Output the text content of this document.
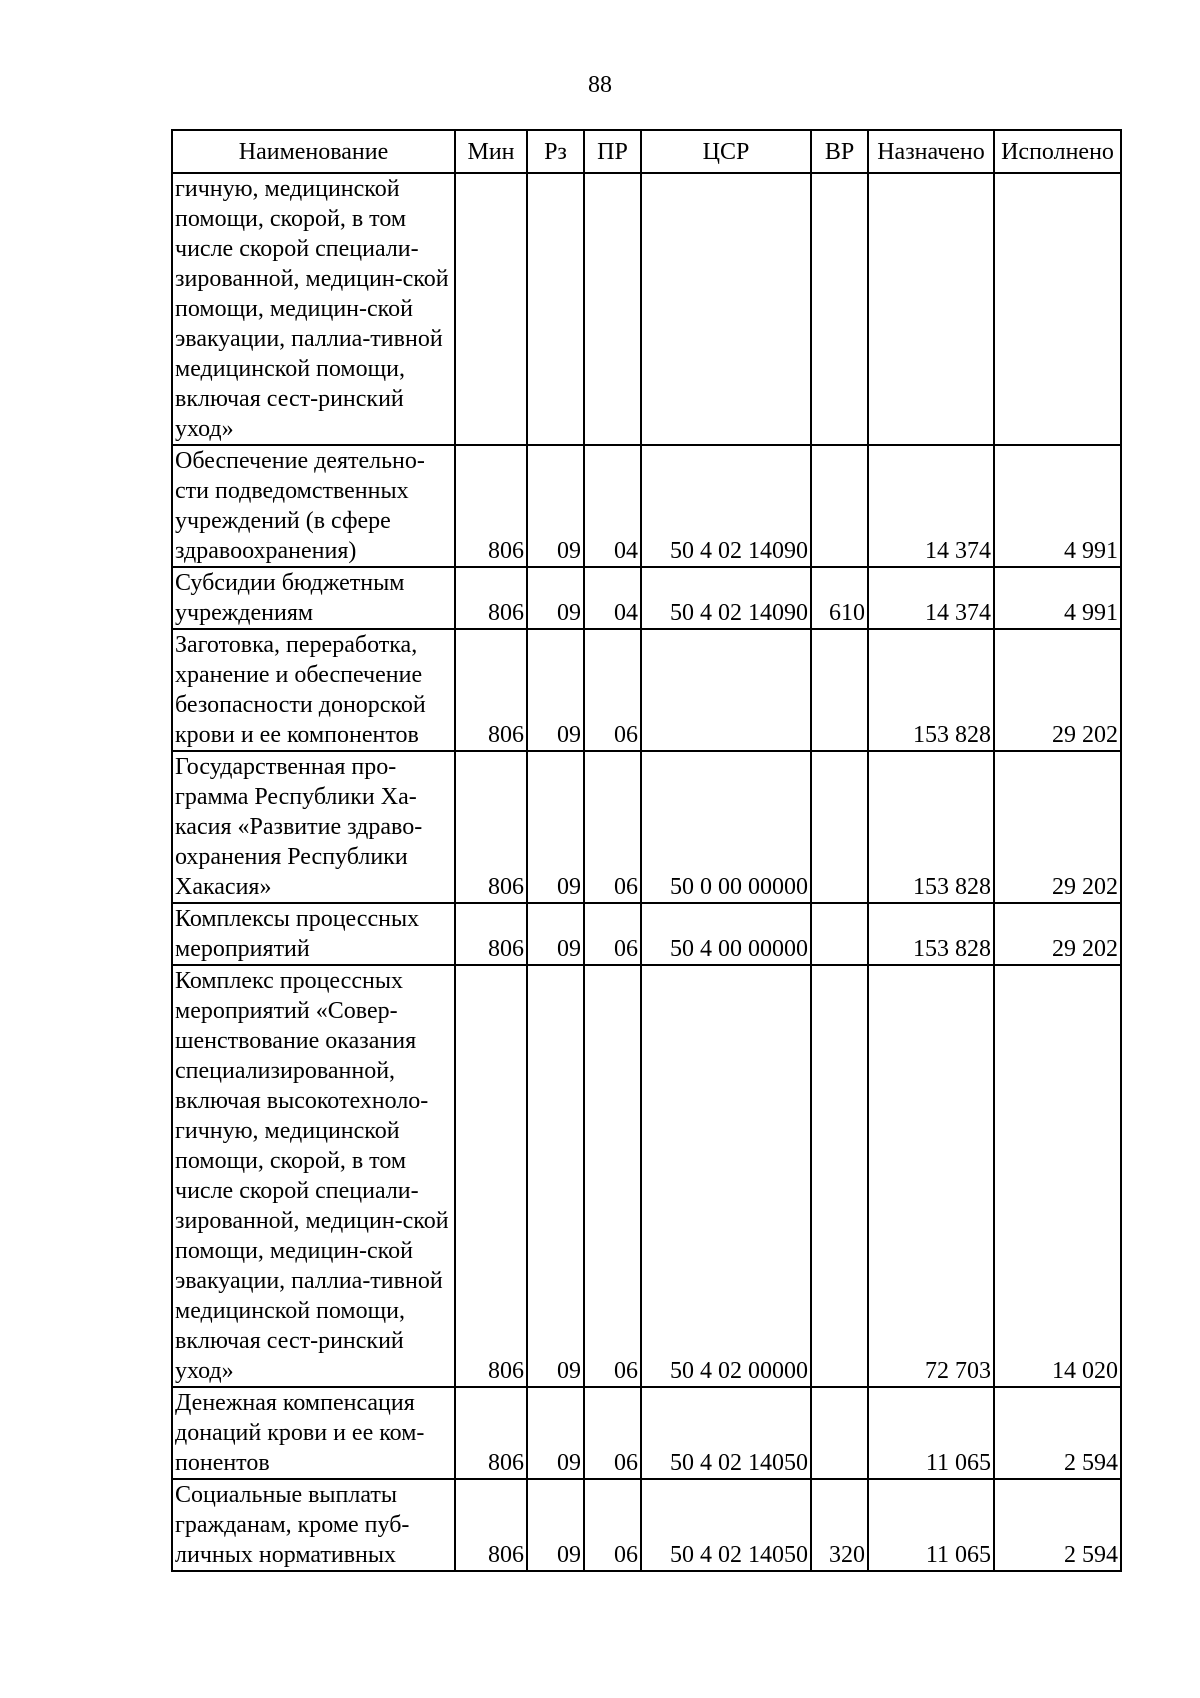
88
Наименование	Мин	Рз	ПР	ЦСР	ВР	Назначено	Исполнено
гичную, медицинской помощи, скорой, в том числе скорой специали-зированной, медицин-ской помощи, медицин-ской эвакуации, паллиа-тивной медицинской помощи, включая сест-ринский уход»							
Обеспечение деятельно-сти подведомственных учреждений (в сфере здравоохранения)	806	09	04	50 4 02 14090		14 374	4 991
Субсидии бюджетным учреждениям	806	09	04	50 4 02 14090	610	14 374	4 991
Заготовка, переработка, хранение и обеспечение безопасности донорской крови и ее компонентов	806	09	06			153 828	29 202
Государственная про-грамма Республики Ха-касия «Развитие здраво-охранения Республики Хакасия»	806	09	06	50 0 00 00000		153 828	29 202
Комплексы процессных мероприятий	806	09	06	50 4 00 00000		153 828	29 202
Комплекс процессных мероприятий «Совер-шенствование оказания специализированной, включая высокотехноло-гичную, медицинской помощи, скорой, в том числе скорой специали-зированной, медицин-ской помощи, медицин-ской эвакуации, паллиа-тивной медицинской помощи, включая сест-ринский уход»	806	09	06	50 4 02 00000		72 703	14 020
Денежная компенсация донаций крови и ее ком-понентов	806	09	06	50 4 02 14050		11 065	2 594
Социальные выплаты гражданам, кроме пуб-личных нормативных	806	09	06	50 4 02 14050	320	11 065	2 594
